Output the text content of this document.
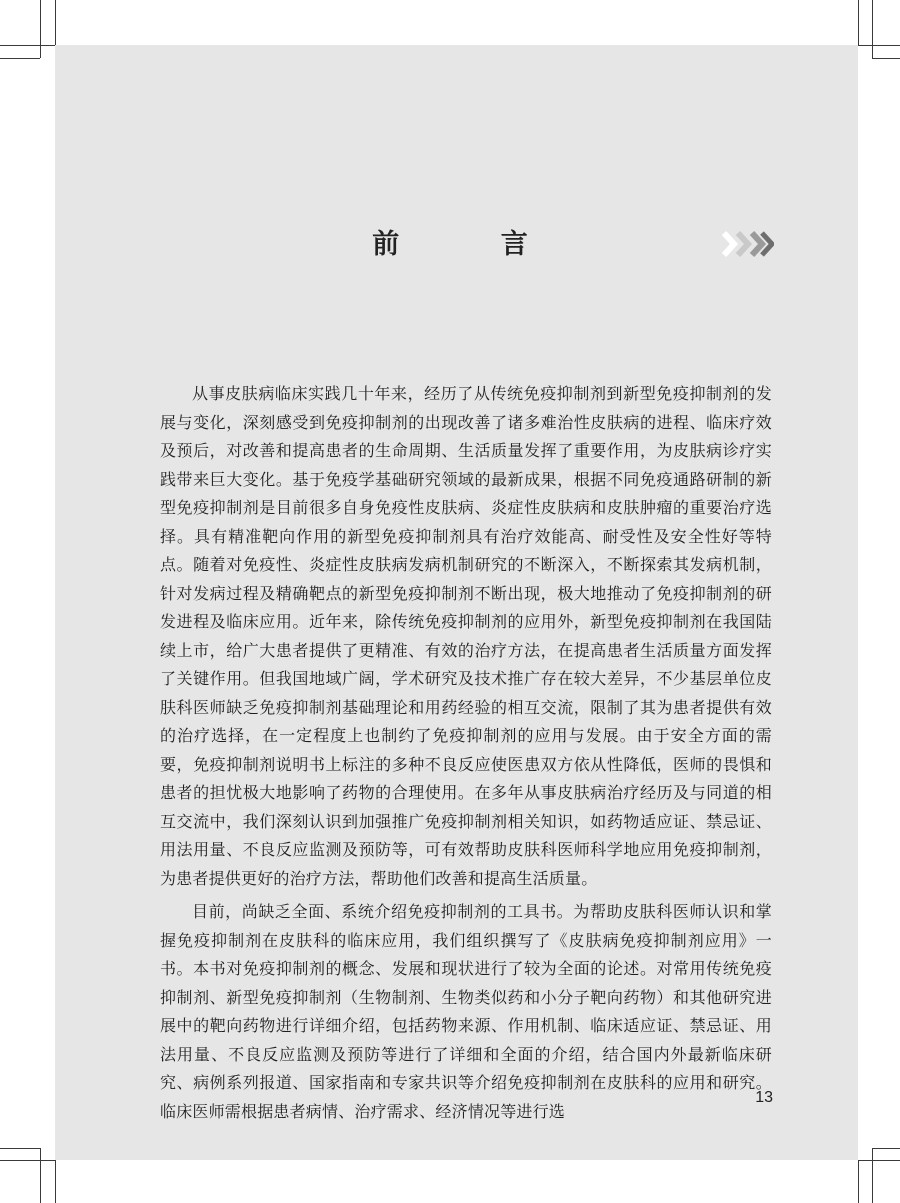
前 言

从事皮肤病临床实践几十年来，经历了从传统免疫抑制剂到新型免疫抑制剂的发展与变化，深刻感受到免疫抑制剂的出现改善了诸多难治性皮肤病的进程、临床疗效及预后，对改善和提高患者的生命周期、生活质量发挥了重要作用，为皮肤病诊疗实践带来巨大变化。基于免疫学基础研究领域的最新成果，根据不同免疫通路研制的新型免疫抑制剂是目前很多自身免疫性皮肤病、炎症性皮肤病和皮肤肿瘤的重要治疗选择。具有精准靶向作用的新型免疫抑制剂具有治疗效能高、耐受性及安全性好等特点。随着对免疫性、炎症性皮肤病发病机制研究的不断深入，不断探索其发病机制，针对发病过程及精确靶点的新型免疫抑制剂不断出现，极大地推动了免疫抑制剂的研发进程及临床应用。近年来，除传统免疫抑制剂的应用外，新型免疫抑制剂在我国陆续上市，给广大患者提供了更精准、有效的治疗方法，在提高患者生活质量方面发挥了关键作用。但我国地域广阔，学术研究及技术推广存在较大差异，不少基层单位皮肤科医师缺乏免疫抑制剂基础理论和用药经验的相互交流，限制了其为患者提供有效的治疗选择，在一定程度上也制约了免疫抑制剂的应用与发展。由于安全方面的需要，免疫抑制剂说明书上标注的多种不良反应使医患双方依从性降低，医师的畏惧和患者的担忧极大地影响了药物的合理使用。在多年从事皮肤病治疗经历及与同道的相互交流中，我们深刻认识到加强推广免疫抑制剂相关知识，如药物适应证、禁忌证、用法用量、不良反应监测及预防等，可有效帮助皮肤科医师科学地应用免疫抑制剂，为患者提供更好的治疗方法，帮助他们改善和提高生活质量。

目前，尚缺乏全面、系统介绍免疫抑制剂的工具书。为帮助皮肤科医师认识和掌握免疫抑制剂在皮肤科的临床应用，我们组织撰写了《皮肤病免疫抑制剂应用》一书。本书对免疫抑制剂的概念、发展和现状进行了较为全面的论述。对常用传统免疫抑制剂、新型免疫抑制剂（生物制剂、生物类似药和小分子靶向药物）和其他研究进展中的靶向药物进行详细介绍，包括药物来源、作用机制、临床适应证、禁忌证、用法用量、不良反应监测及预防等进行了详细和全面的介绍，结合国内外最新临床研究、病例系列报道、国家指南和专家共识等介绍免疫抑制剂在皮肤科的应用和研究。临床医师需根据患者病情、治疗需求、经济情况等进行选

13
